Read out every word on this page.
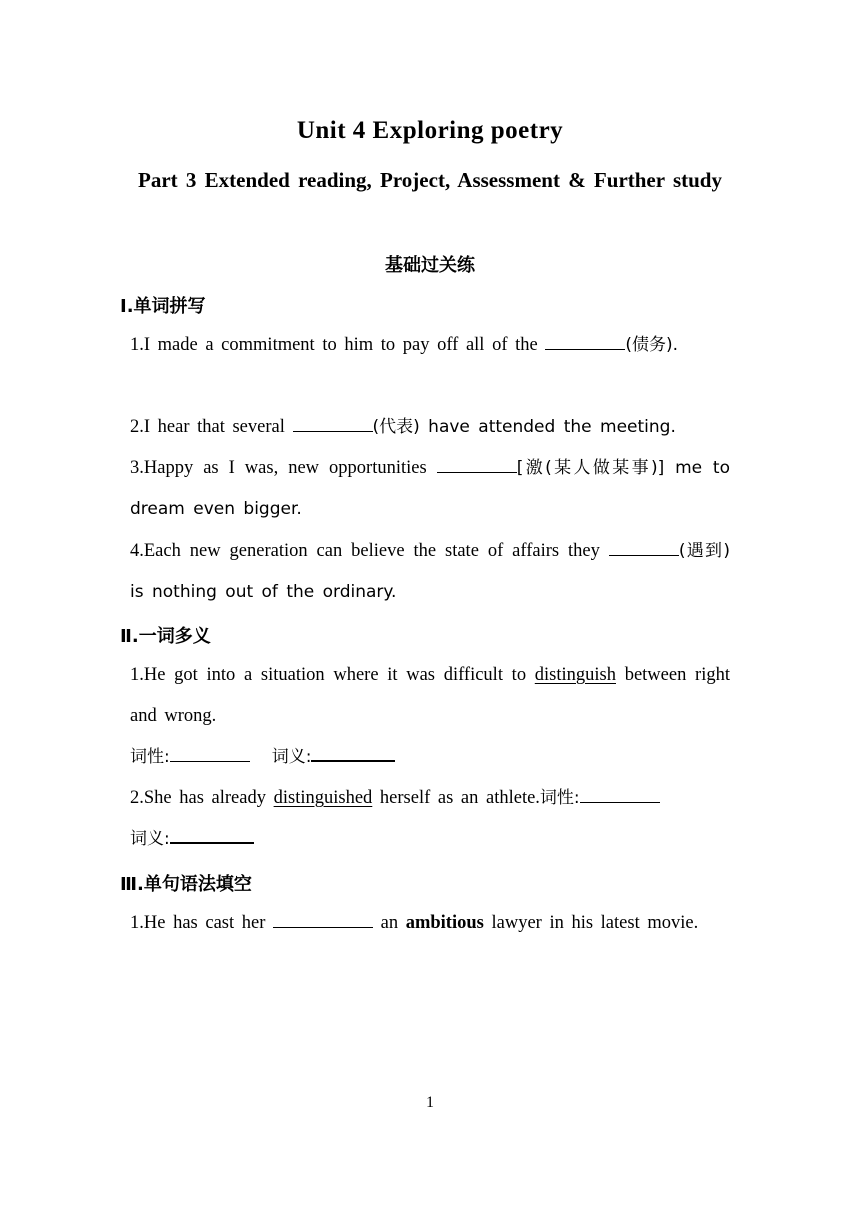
Unit 4 Exploring poetry
Part 3 Extended reading, Project, Assessment & Further study
基础过关练
Ⅰ.单词拼写
1.I made a commitment to him to pay off all of the	(债务).
2.I hear that several	(代表) have attended the meeting.
3.Happy as I was, new opportunities	[激(某人做某事)] me to dream even bigger.
4.Each new generation can believe the state of affairs they	(遇到) is nothing out of the ordinary.
Ⅱ.一词多义
1.He got into a situation where it was difficult to distinguish between right and wrong.
词性:	词义:
2.She has already distinguished herself as an athlete.词性:
词义:
Ⅲ.单句语法填空
1.He has cast her	an ambitious lawyer in his latest movie.
1
